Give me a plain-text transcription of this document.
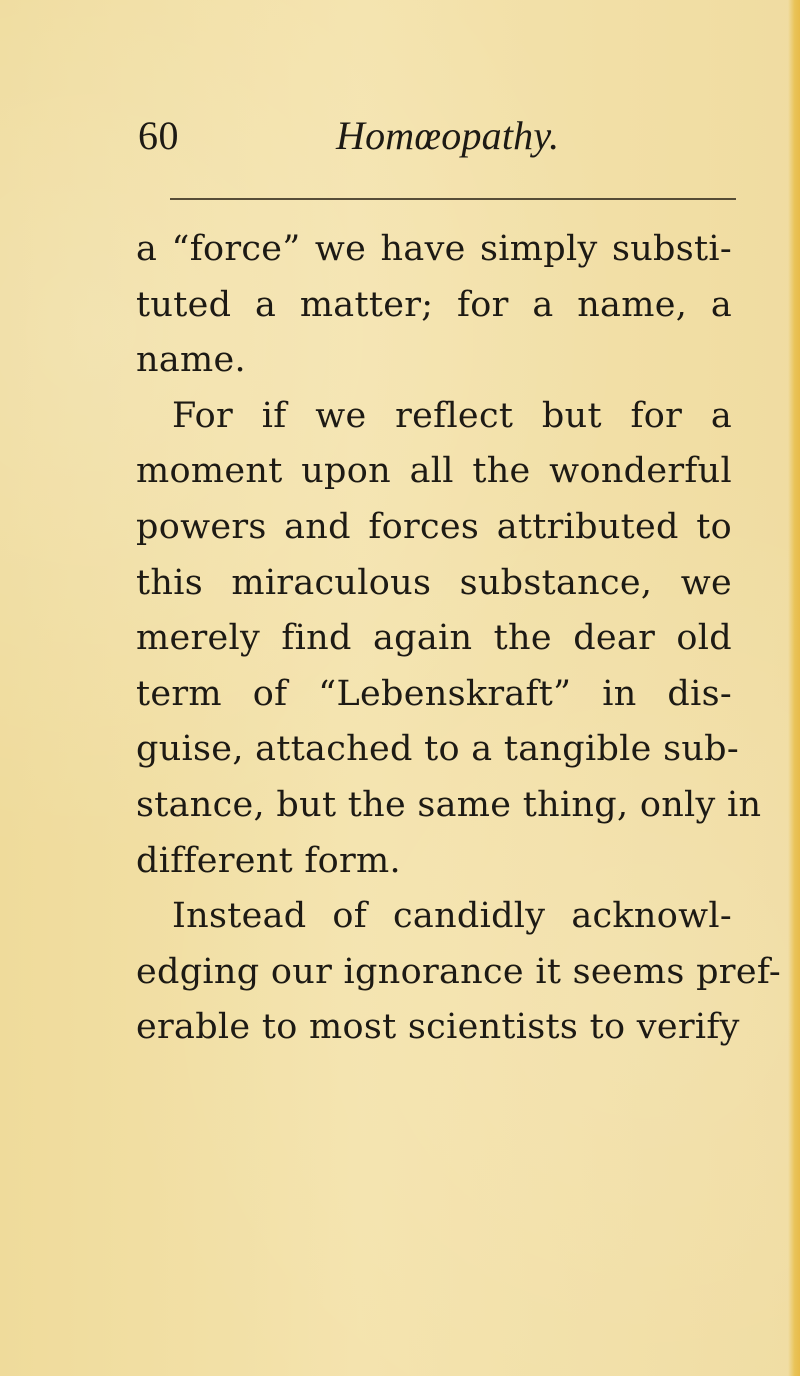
60	Homœopathy.
a “force” we have simply substi-
tuted a matter; for a name, a
name.
For if we reflect but for a
moment upon all the wonderful
powers and forces attributed to
this miraculous substance, we
merely find again the dear old
term of “Lebenskraft” in dis-
guise, attached to a tangible sub-
stance, but the same thing, only in
different form.
Instead of candidly acknowl-
edging our ignorance it seems pref-
erable to most scientists to verify
